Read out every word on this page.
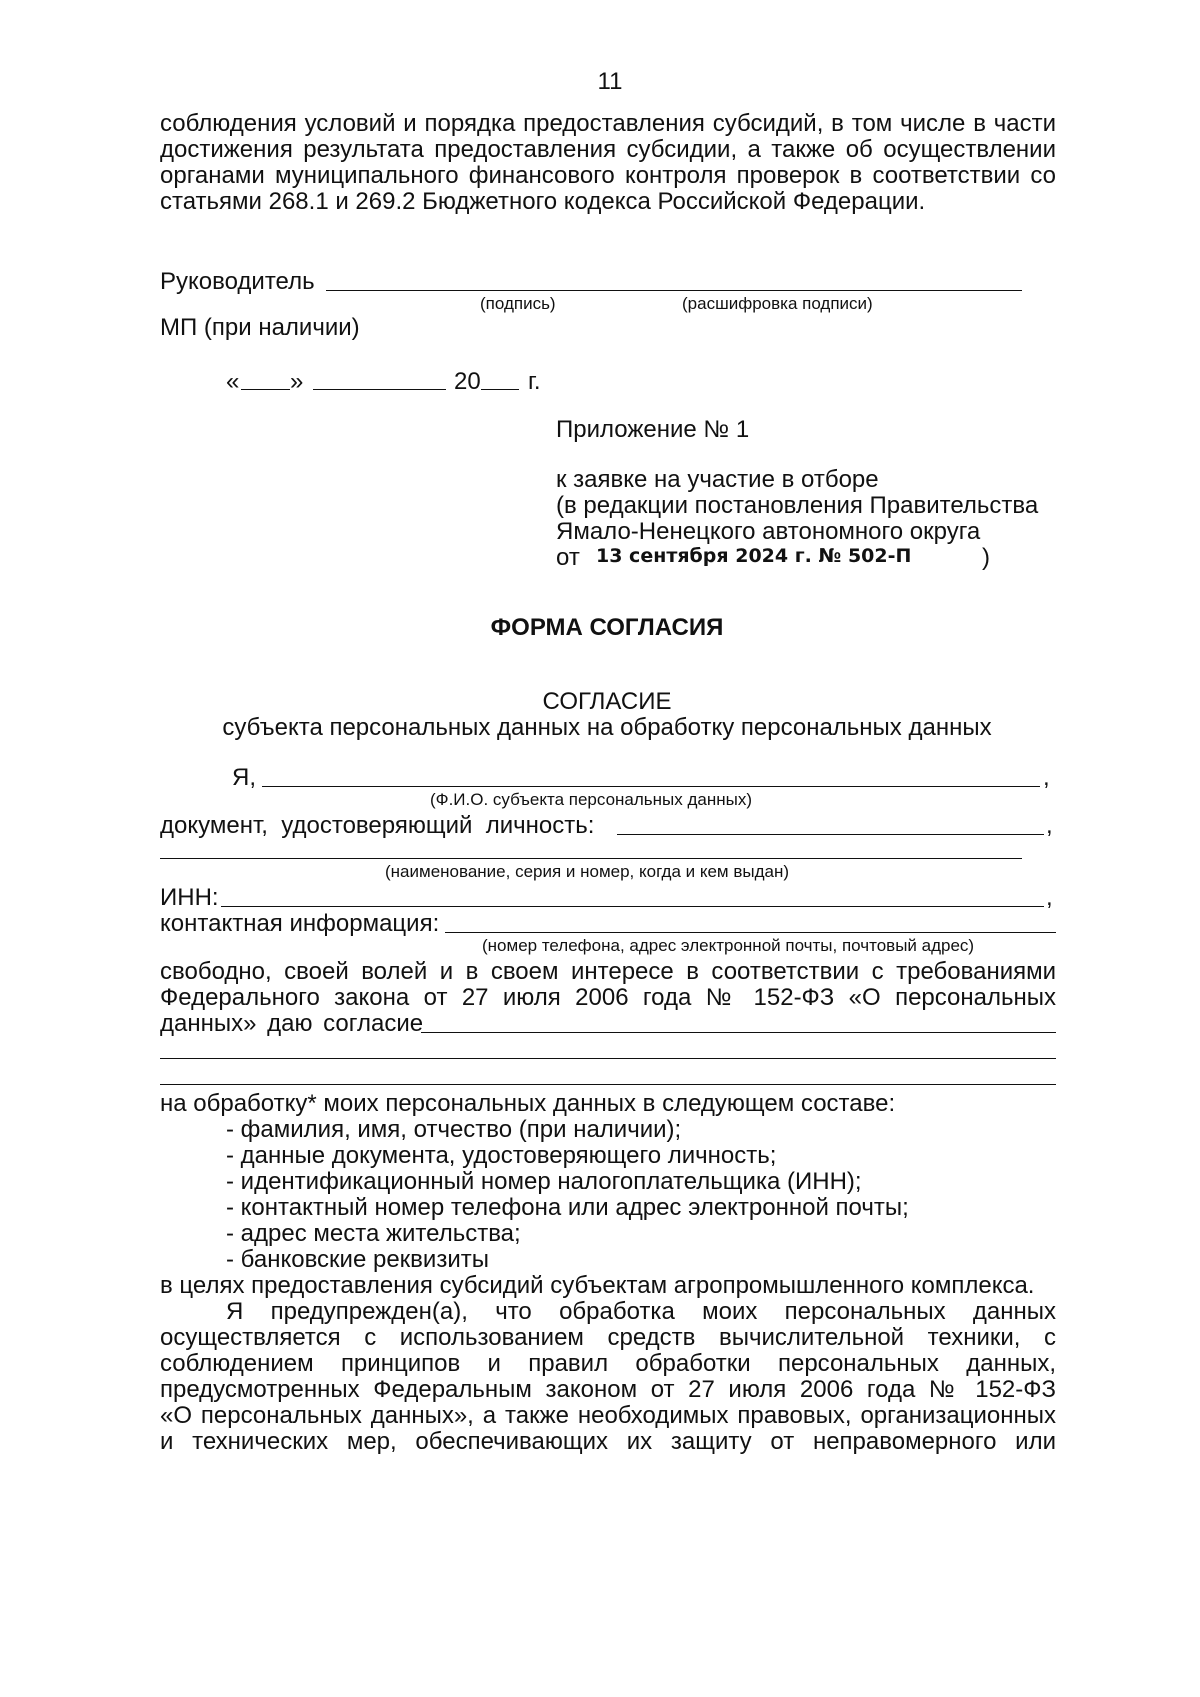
11
соблюдения условий и порядка предоставления субсидий, в том числе в части
достижения результата предоставления субсидии, а также об осуществлении
органами муниципального финансового контроля проверок в соответствии со
статьями 268.1 и 269.2 Бюджетного кодекса Российской Федерации.
Руководитель
(подпись)	(расшифровка подписи)
МП (при наличии)
« »	20 г.
Приложение № 1
к заявке на участие в отборе
(в редакции постановления Правительства
Ямало-Ненецкого автономного округа
от 13 сентября 2024 г. № 502-П	)
ФОРМА СОГЛАСИЯ
СОГЛАСИЕ
субъекта персональных данных на обработку персональных данных
Я,	,
(Ф.И.О. субъекта персональных данных)
документ,  удостоверяющий  личность:	,
(наименование, серия и номер, когда и кем выдан)
ИНН:	,
контактная информация:
(номер телефона, адрес электронной почты, почтовый адрес)
свободно, своей волей и в своем интересе в соответствии с требованиями
Федерального закона от 27 июля 2006 года № 152-ФЗ «О персональных
данных» даю согласие
на обработку* моих персональных данных в следующем составе:
- фамилия, имя, отчество (при наличии);
- данные документа, удостоверяющего личность;
- идентификационный номер налогоплательщика (ИНН);
- контактный номер телефона или адрес электронной почты;
- адрес места жительства;
- банковские реквизиты
в целях предоставления субсидий субъектам агропромышленного комплекса.
Я предупрежден(а), что обработка моих персональных данных
осуществляется с использованием средств вычислительной техники, с
соблюдением принципов и правил обработки персональных данных,
предусмотренных Федеральным законом от 27 июля 2006 года № 152-ФЗ
«О персональных данных», а также необходимых правовых, организационных
и технических мер, обеспечивающих их защиту от неправомерного или
